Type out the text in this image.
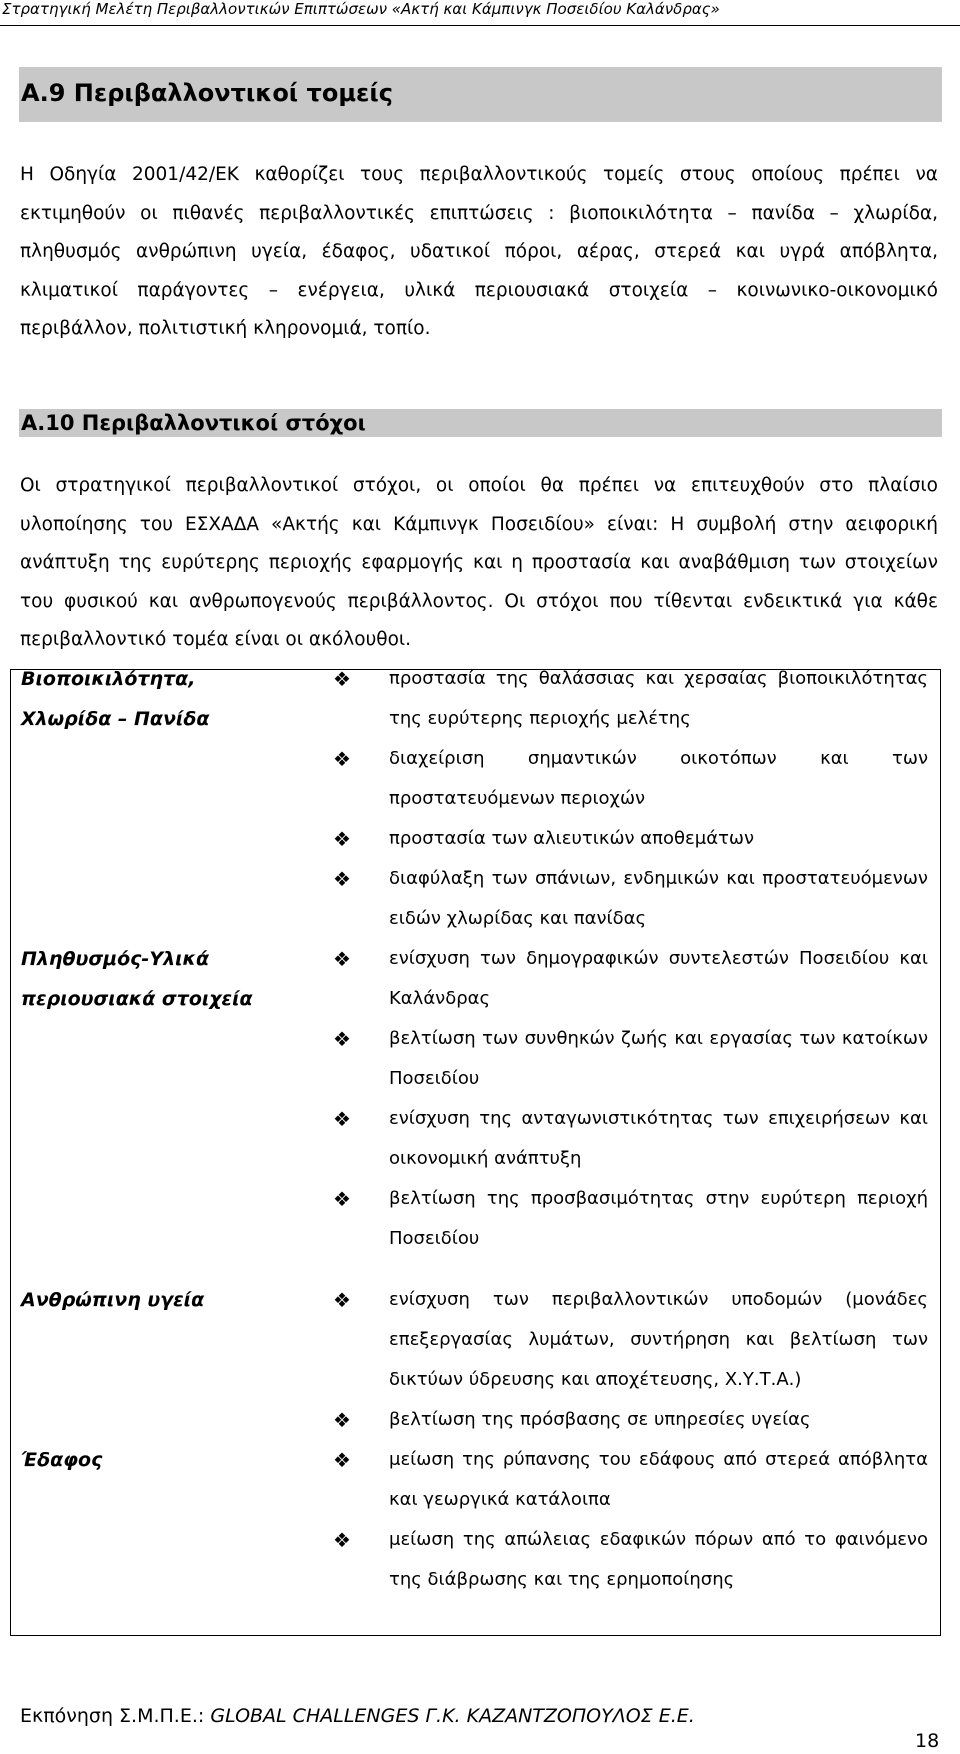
Στρατηγική Μελέτη Περιβαλλοντικών Επιπτώσεων «Ακτή και Κάμπινγκ Ποσειδίου Καλάνδρας»
Α.9 Περιβαλλοντικοί τομείς
Η Οδηγία 2001/42/ΕΚ καθορίζει τους περιβαλλοντικούς τομείς στους οποίους πρέπει να εκτιμηθούν οι πιθανές περιβαλλοντικές επιπτώσεις : βιοποικιλότητα – πανίδα – χλωρίδα, πληθυσμός ανθρώπινη υγεία, έδαφος, υδατικοί πόροι, αέρας, στερεά και υγρά απόβλητα, κλιματικοί παράγοντες – ενέργεια, υλικά περιουσιακά στοιχεία – κοινωνικο-οικονομικό περιβάλλον, πολιτιστική κληρονομιά, τοπίο.
Α.10 Περιβαλλοντικοί στόχοι
Οι στρατηγικοί περιβαλλοντικοί στόχοι, οι οποίοι θα πρέπει να επιτευχθούν στο πλαίσιο υλοποίησης του ΕΣΧΑΔΑ «Ακτής και Κάμπινγκ Ποσειδίου» είναι: Η συμβολή στην αειφορική ανάπτυξη της ευρύτερης περιοχής εφαρμογής και η προστασία και αναβάθμιση των στοιχείων του φυσικού και ανθρωπογενούς περιβάλλοντος. Οι στόχοι που τίθενται ενδεικτικά για κάθε περιβαλλοντικό τομέα είναι οι ακόλουθοι.
Βιοποικιλότητα,
Χλωρίδα – Πανίδα
❖ προστασία της θαλάσσιας και χερσαίας βιοποικιλότητας της ευρύτερης περιοχής μελέτης
❖ διαχείριση σημαντικών οικοτόπων και των προστατευόμενων περιοχών
❖ προστασία των αλιευτικών αποθεμάτων
❖ διαφύλαξη των σπάνιων, ενδημικών και προστατευόμενων ειδών χλωρίδας και πανίδας
Πληθυσμός-Υλικά
περιουσιακά στοιχεία
❖ ενίσχυση των δημογραφικών συντελεστών Ποσειδίου και Καλάνδρας
❖ βελτίωση των συνθηκών ζωής και εργασίας των κατοίκων Ποσειδίου
❖ ενίσχυση της ανταγωνιστικότητας των επιχειρήσεων και οικονομική ανάπτυξη
❖ βελτίωση της προσβασιμότητας στην ευρύτερη περιοχή Ποσειδίου
Ανθρώπινη υγεία	❖ ενίσχυση των περιβαλλοντικών υποδομών (μονάδες επεξεργασίας λυμάτων, συντήρηση και βελτίωση των δικτύων ύδρευσης και αποχέτευσης, Χ.Υ.Τ.Α.)
❖ βελτίωση της πρόσβασης σε υπηρεσίες υγείας
Έδαφος	❖ μείωση της ρύπανσης του εδάφους από στερεά απόβλητα και γεωργικά κατάλοιπα
❖ μείωση της απώλειας εδαφικών πόρων από το φαινόμενο της διάβρωσης και της ερημοποίησης
Εκπόνηση Σ.Μ.Π.Ε.: GLOBAL CHALLENGES Γ.Κ. ΚΑΖΑΝΤΖΟΠΟΥΛΟΣ Ε.Ε.
18
